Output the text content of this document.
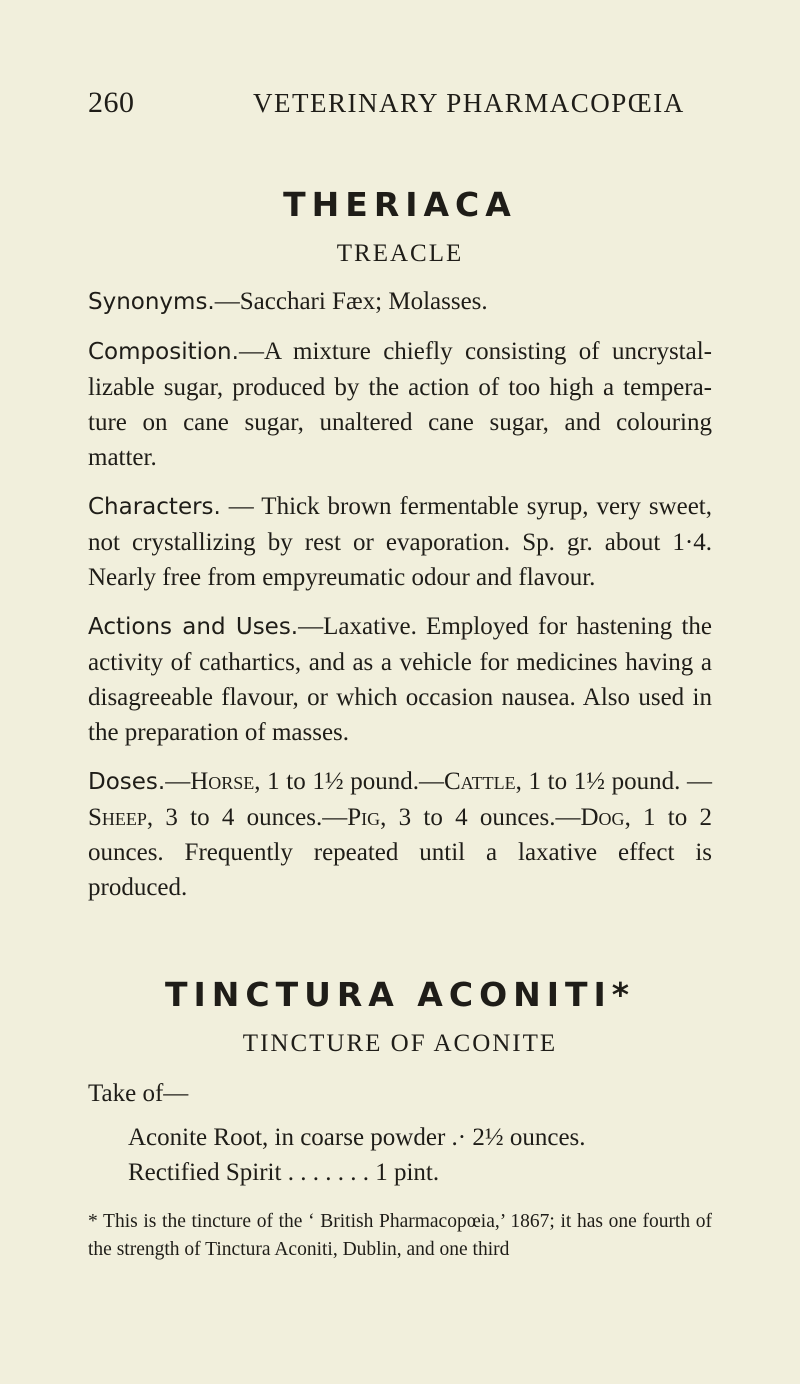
260	VETERINARY PHARMACOPŒIA
THERIACA
TREACLE

Synonyms.—Sacchari Fæx; Molasses.

Composition.—A mixture chiefly consisting of uncrystal-lizable sugar, produced by the action of too high a tempera-ture on cane sugar, unaltered cane sugar, and colouring matter.

Characters. — Thick brown fermentable syrup, very sweet, not crystallizing by rest or evaporation. Sp. gr. about 1·4. Nearly free from empyreumatic odour and flavour.

Actions and Uses.—Laxative. Employed for hastening the activity of cathartics, and as a vehicle for medicines having a disagreeable flavour, or which occasion nausea. Also used in the preparation of masses.

Doses.—Horse, 1 to 1½ pound.—Cattle, 1 to 1½ pound. —Sheep, 3 to 4 ounces.—Pig, 3 to 4 ounces.—Dog, 1 to 2 ounces. Frequently repeated until a laxative effect is produced.

TINCTURA ACONITI*
TINCTURE OF ACONITE
Take of—
Aconite Root, in coarse powder .· 2½ ounces.
Rectified Spirit . . . . . . . 1 pint.
* This is the tincture of the ‘ British Pharmacopœia,’ 1867; it has one fourth of the strength of Tinctura Aconiti, Dublin, and one third
